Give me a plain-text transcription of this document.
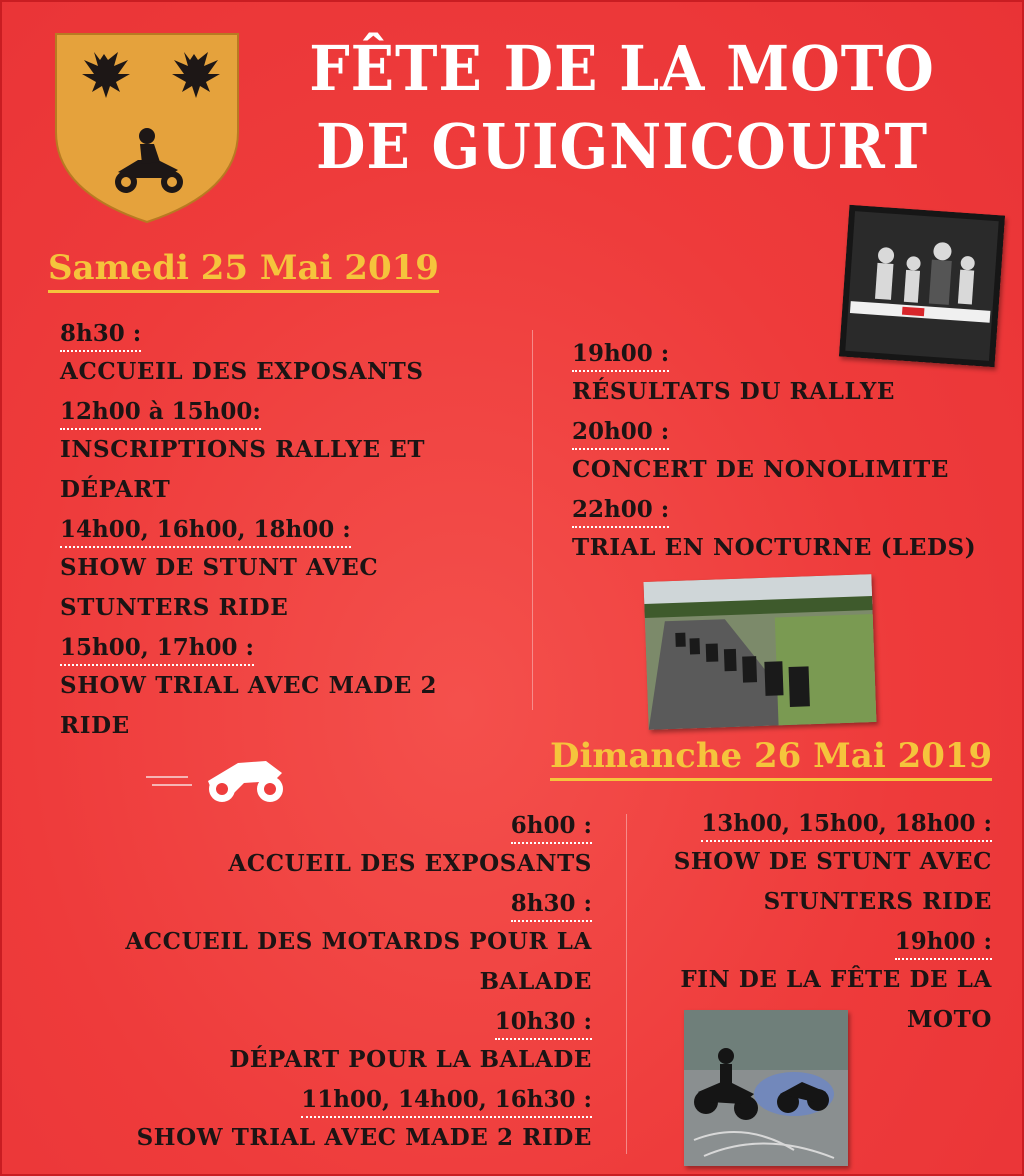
FÊTE DE LA MOTO DE GUIGNICOURT
Samedi 25 Mai 2019
8h30 :
ACCUEIL DES EXPOSANTS
12h00 à 15h00:
INSCRIPTIONS RALLYE ET
DÉPART
14h00, 16h00, 18h00 :
SHOW DE STUNT AVEC
STUNTERS RIDE
15h00, 17h00 :
SHOW TRIAL AVEC MADE 2
RIDE
19h00 :
RÉSULTATS DU RALLYE
20h00 :
CONCERT DE NONOLIMITE
22h00 :
TRIAL EN NOCTURNE (LEDS)
Dimanche 26 Mai 2019
6h00 :
ACCUEIL DES EXPOSANTS
8h30 :
ACCUEIL DES MOTARDS POUR LA
BALADE
10h30 :
DÉPART POUR LA BALADE
11h00, 14h00, 16h30 :
SHOW TRIAL AVEC MADE 2 RIDE
13h00, 15h00, 18h00 :
SHOW DE STUNT AVEC
STUNTERS RIDE
19h00 :
FIN DE LA FÊTE DE LA
MOTO
